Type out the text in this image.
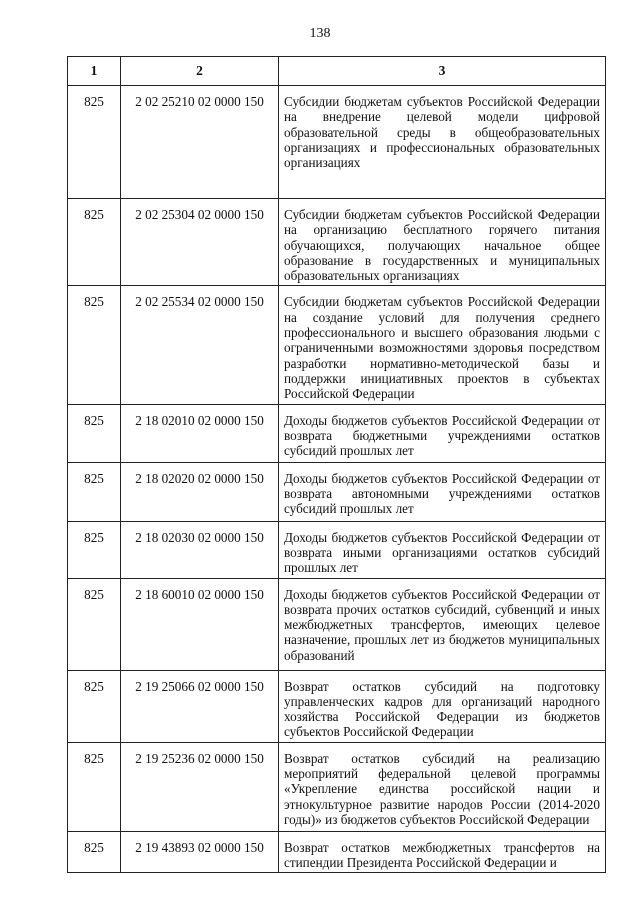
138
1	2	3
825	2 02 25210 02 0000 150	Субсидии бюджетам субъектов Российской Федерации на внедрение целевой модели цифровой образовательной среды в общеобразовательных организациях и профессиональных образовательных организациях
825	2 02 25304 02 0000 150	Субсидии бюджетам субъектов Российской Федерации на организацию бесплатного горячего питания обучающихся, получающих начальное общее образование в государственных и муниципальных образовательных организациях
825	2 02 25534 02 0000 150	Субсидии бюджетам субъектов Российской Федерации на создание условий для получения среднего профессионального и высшего образования людьми с ограниченными возможностями здоровья посредством разработки нормативно-методической базы и поддержки инициативных проектов в субъектах Российской Федерации
825	2 18 02010 02 0000 150	Доходы бюджетов субъектов Российской Федерации от возврата бюджетными учреждениями остатков субсидий прошлых лет
825	2 18 02020 02 0000 150	Доходы бюджетов субъектов Российской Федерации от возврата автономными учреждениями остатков субсидий прошлых лет
825	2 18 02030 02 0000 150	Доходы бюджетов субъектов Российской Федерации от возврата иными организациями остатков субсидий прошлых лет
825	2 18 60010 02 0000 150	Доходы бюджетов субъектов Российской Федерации от возврата прочих остатков субсидий, субвенций и иных межбюджетных трансфертов, имеющих целевое назначение, прошлых лет из бюджетов муниципальных образований
825	2 19 25066 02 0000 150	Возврат остатков субсидий на подготовку управленческих кадров для организаций народного хозяйства Российской Федерации из бюджетов субъектов Российской Федерации
825	2 19 25236 02 0000 150	Возврат остатков субсидий на реализацию мероприятий федеральной целевой программы «Укрепление единства российской нации и этнокультурное развитие народов России (2014-2020 годы)» из бюджетов субъектов Российской Федерации
825	2 19 43893 02 0000 150	Возврат остатков межбюджетных трансфертов на стипендии Президента Российской Федерации и
